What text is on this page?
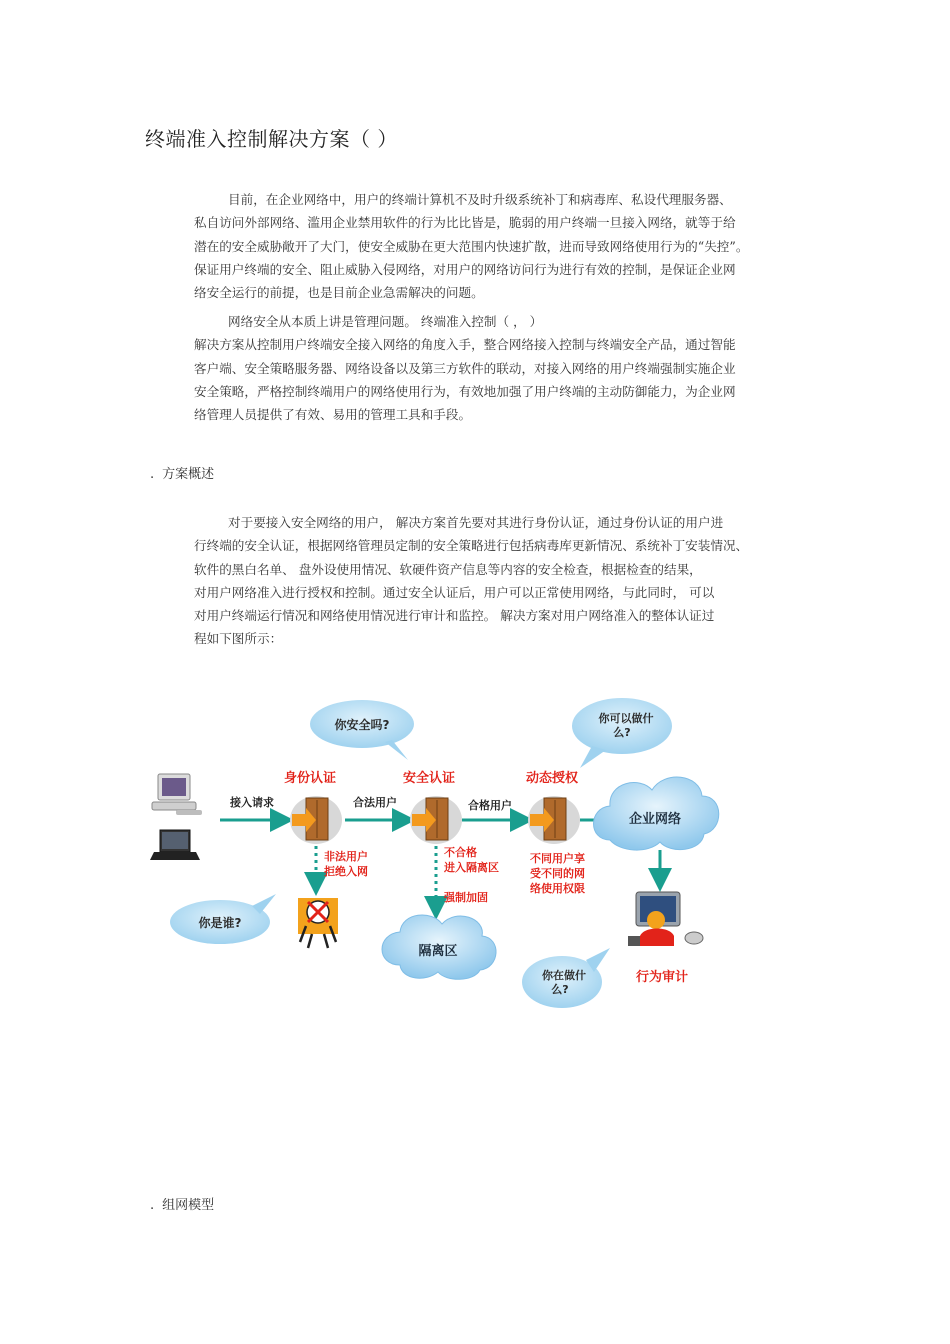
终端准入控制解决方案（ ）
目前，在企业网络中，用户的终端计算机不及时升级系统补丁和病毒库、私设代理服务器、
私自访问外部网络、滥用企业禁用软件的行为比比皆是，脆弱的用户终端一旦接入网络，就等于给
潜在的安全威胁敞开了大门，使安全威胁在更大范围内快速扩散，进而导致网络使用行为的“失控”。
保证用户终端的安全、阻止威胁入侵网络，对用户的网络访问行为进行有效的控制，是保证企业网
络安全运行的前提，也是目前企业急需解决的问题。
网络安全从本质上讲是管理问题。 终端准入控制（ ， ）
解决方案从控制用户终端安全接入网络的角度入手，整合网络接入控制与终端安全产品，通过智能
客户端、安全策略服务器、网络设备以及第三方软件的联动，对接入网络的用户终端强制实施企业
安全策略，严格控制终端用户的网络使用行为，有效地加强了用户终端的主动防御能力，为企业网
络管理人员提供了有效、易用的管理工具和手段。
. 方案概述
对于要接入安全网络的用户， 解决方案首先要对其进行身份认证，通过身份认证的用户进
行终端的安全认证，根据网络管理员定制的安全策略进行包括病毒库更新情况、系统补丁安装情况、
软件的黑白名单、 盘外设使用情况、软硬件资产信息等内容的安全检查，根据检查的结果，
对用户网络准入进行授权和控制。通过安全认证后，用户可以正常使用网络，与此同时， 可以
对用户终端运行情况和网络使用情况进行审计和监控。 解决方案对用户网络准入的整体认证过
程如下图所示：
你安全吗?	你可以做什
么?
身份认证	安全认证	动态授权
接入请求	合法用户	合格用户
企业网络
非法用户
拒绝入网
不合格
进入隔离区
强制加固
不同用户享
受不同的网
络使用权限
你是谁?
隔离区
行为审计
你在做什
么?
. 组网模型
